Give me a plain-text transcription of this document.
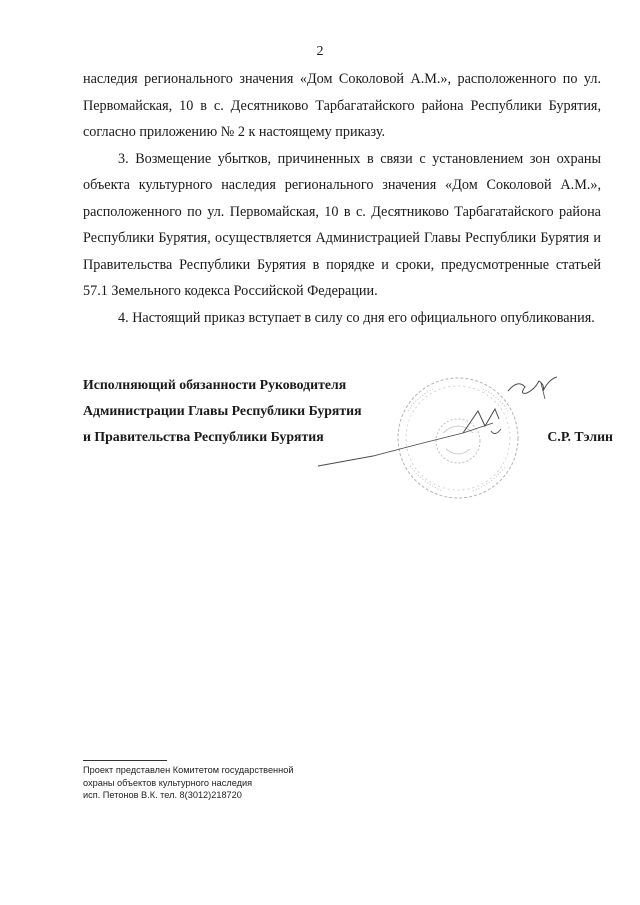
2

наследия регионального значения «Дом Соколовой А.М.», расположенного по ул. Первомайская, 10 в с. Десятниково Тарбагатайского района Республики Бурятия, согласно приложению № 2 к настоящему приказу.

3. Возмещение убытков, причиненных в связи с установлением зон охраны объекта культурного наследия регионального значения «Дом Соколовой А.М.», расположенного по ул. Первомайская, 10 в с. Десятниково Тарбагатайского района Республики Бурятия, осуществляется Администрацией Главы Республики Бурятия и Правительства Республики Бурятия в порядке и сроки, предусмотренные статьей 57.1 Земельного кодекса Российской Федерации.

4. Настоящий приказ вступает в силу со дня его официального опубликования.

Исполняющий обязанности Руководителя
Администрации Главы Республики Бурятия
и Правительства Республики Бурятия	С.Р. Тэлин
Проект представлен Комитетом государственной
охраны объектов культурного наследия
исп. Петонов В.К. тел. 8(3012)218720
